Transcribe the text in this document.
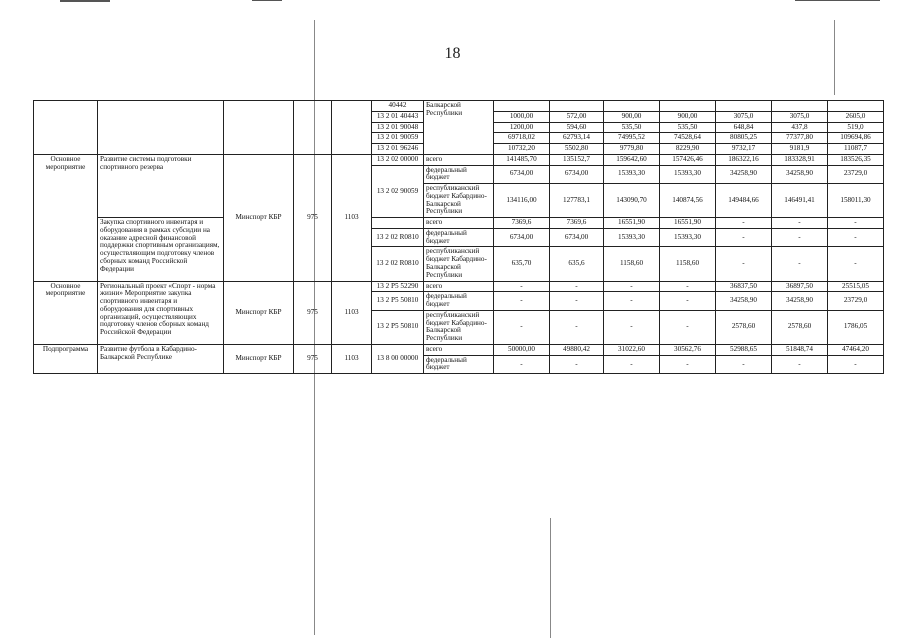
18
					40442	Балкарской Республики							
					13 2 01 40443		1000,00	572,00	900,00	900,00	3075,0	3075,0	2605,0
					13 2 01 90048		1200,00	594,60	535,50	535,50	648,84	437,8	519,0
					13 2 01 90059		69718,02	62793,14	74995,52	74528,64	80805,25	77377,80	109694,86
					13 2 01 96246		10732,20	5502,80	9779,80	8229,90	9732,17	9181,9	11087,7
Основное мероприятие	Развитие системы подготовки спортивного резерва	Минспорт КБР	975	1103	13 2 02 00000	всего	141485,70	135152,7	159642,60	157426,46	186322,16	183328,91	183526,35
					13 2 02 90059	федеральный бюджет	6734,00	6734,00	15393,30	15393,30	34258,90	34258,90	23729,0
						республиканский бюджет Кабардино-Балкарской Республики	134116,00	127783,1	143090,70	140874,56	149484,66	146491,41	158011,30
	Закупка спортивного инвентаря и оборудования в рамках субсидии на оказание адресной финансовой поддержки спортивным организациям, осуществляющим подготовку членов сборных команд Российской Федерации					всего	7369,6	7369,6	16551,90	16551,90	-	-	-
					13 2 02 R0810	федеральный бюджет	6734,00	6734,00	15393,30	15393,30	-	-	-
					13 2 02 R0810	республиканский бюджет Кабардино-Балкарской Республики	635,70	635,6	1158,60	1158,60	-	-	-
Основное мероприятие	Региональный проект «Спорт - норма жизни» Мероприятие закупка спортивного инвентаря и оборудования для спортивных организаций, осуществляющих подготовку членов сборных команд Российской Федерации	Минспорт КБР	975	1103	13 2 P5 52290	всего	-	-	-	-	36837,50	36897,50	25515,05
					13 2 P5 50810	федеральный бюджет	-	-	-	-	34258,90	34258,90	23729,0
					13 2 P5 50810	республиканский бюджет Кабардино-Балкарской Республики	-	-	-	-	2578,60	2578,60	1786,05
Подпрограмма	Развитие футбола в Кабардино-Балкарской Республике	Минспорт КБР	975	1103	13 8 00 00000	всего	50000,00	49880,42	31022,60	30562,76	52988,65	51848,74	47464,20
						федеральный бюджет	-	-	-	-	-	-	-
